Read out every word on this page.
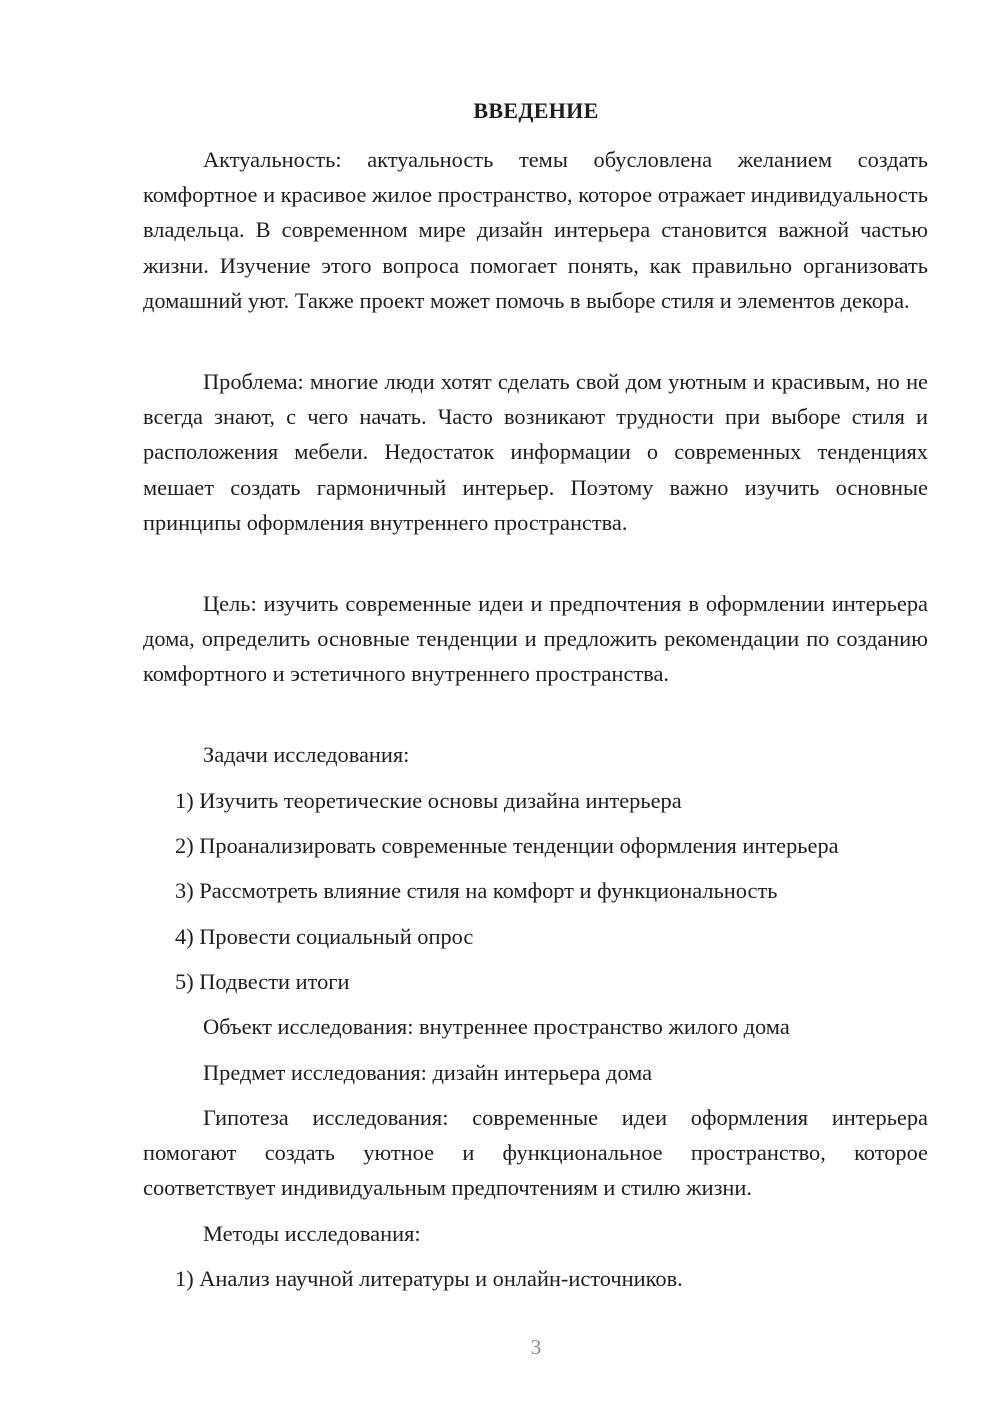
ВВЕДЕНИЕ

Актуальность: актуальность темы обусловлена желанием создать комфортное и красивое жилое пространство, которое отражает индивидуальность владельца. В современном мире дизайн интерьера становится важной частью жизни. Изучение этого вопроса помогает понять, как правильно организовать домашний уют. Также проект может помочь в выборе стиля и элементов декора.

Проблема: многие люди хотят сделать свой дом уютным и красивым, но не всегда знают, с чего начать. Часто возникают трудности при выборе стиля и расположения мебели. Недостаток информации о современных тенденциях мешает создать гармоничный интерьер. Поэтому важно изучить основные принципы оформления внутреннего пространства.

Цель: изучить современные идеи и предпочтения в оформлении интерьера дома, определить основные тенденции и предложить рекомендации по созданию комфортного и эстетичного внутреннего пространства.

Задачи исследования:
1) Изучить теоретические основы дизайна интерьера
2) Проанализировать современные тенденции оформления интерьера
3) Рассмотреть влияние стиля на комфорт и функциональность
4) Провести социальный опрос
5) Подвести итоги
Объект исследования: внутреннее пространство жилого дома
Предмет исследования: дизайн интерьера дома

Гипотеза исследования: современные идеи оформления интерьера помогают создать уютное и функциональное пространство, которое соответствует индивидуальным предпочтениям и стилю жизни.

Методы исследования:
1) Анализ научной литературы и онлайн-источников.
3
